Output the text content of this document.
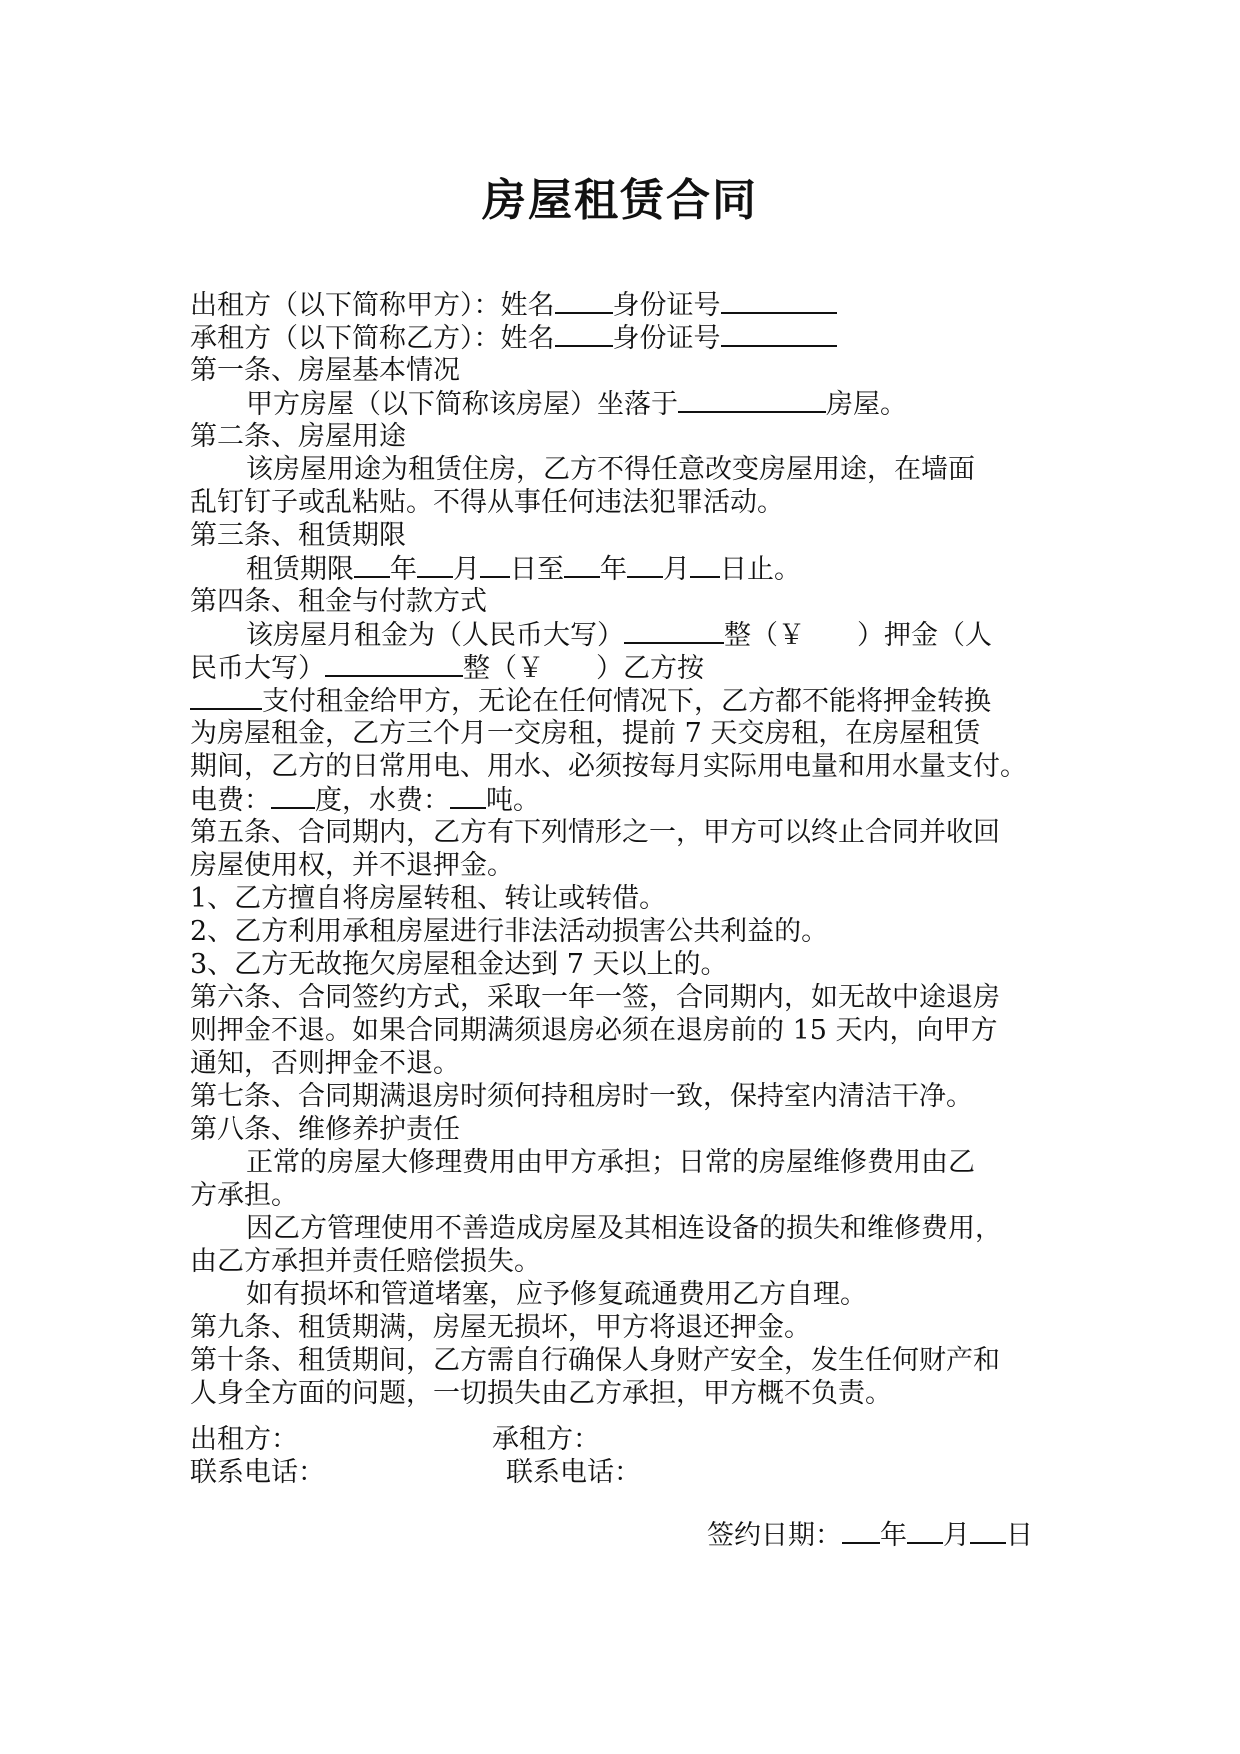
房屋租赁合同
出租方（以下简称甲方）：姓名 身份证号
承租方（以下简称乙方）：姓名 身份证号
第一条、房屋基本情况
甲方房屋（以下简称该房屋）坐落于	房屋。
第二条、房屋用途
该房屋用途为租赁住房，乙方不得任意改变房屋用途，在墙面
乱钉钉子或乱粘贴。不得从事任何违法犯罪活动。
第三条、租赁期限
租赁期限 年 月 日至 年 月 日止。
第四条、租金与付款方式
该房屋月租金为（人民币大写）	整（￥ ）押金（人
民币大写）	整（￥ ）乙方按
支付租金给甲方，无论在任何情况下，乙方都不能将押金转换
为房屋租金，乙方三个月一交房租，提前 7 天交房租，在房屋租赁
期间，乙方的日常用电、用水、必须按每月实际用电量和用水量支付。
电费： 度，水费： 吨。
第五条、合同期内，乙方有下列情形之一，甲方可以终止合同并收回
房屋使用权，并不退押金。
1、乙方擅自将房屋转租、转让或转借。
2、乙方利用承租房屋进行非法活动损害公共利益的。
3、乙方无故拖欠房屋租金达到 7 天以上的。
第六条、合同签约方式，采取一年一签，合同期内，如无故中途退房
则押金不退。如果合同期满须退房必须在退房前的 15 天内，向甲方
通知，否则押金不退。
第七条、合同期满退房时须何持租房时一致，保持室内清洁干净。
第八条、维修养护责任
正常的房屋大修理费用由甲方承担；日常的房屋维修费用由乙
方承担。
因乙方管理使用不善造成房屋及其相连设备的损失和维修费用，
由乙方承担并责任赔偿损失。
如有损坏和管道堵塞，应予修复疏通费用乙方自理。
第九条、租赁期满，房屋无损坏，甲方将退还押金。
第十条、租赁期间，乙方需自行确保人身财产安全，发生任何财产和
人身全方面的问题，一切损失由乙方承担，甲方概不负责。
出租方：	承租方：
联系电话：	联系电话：
签约日期： 年 月 日
